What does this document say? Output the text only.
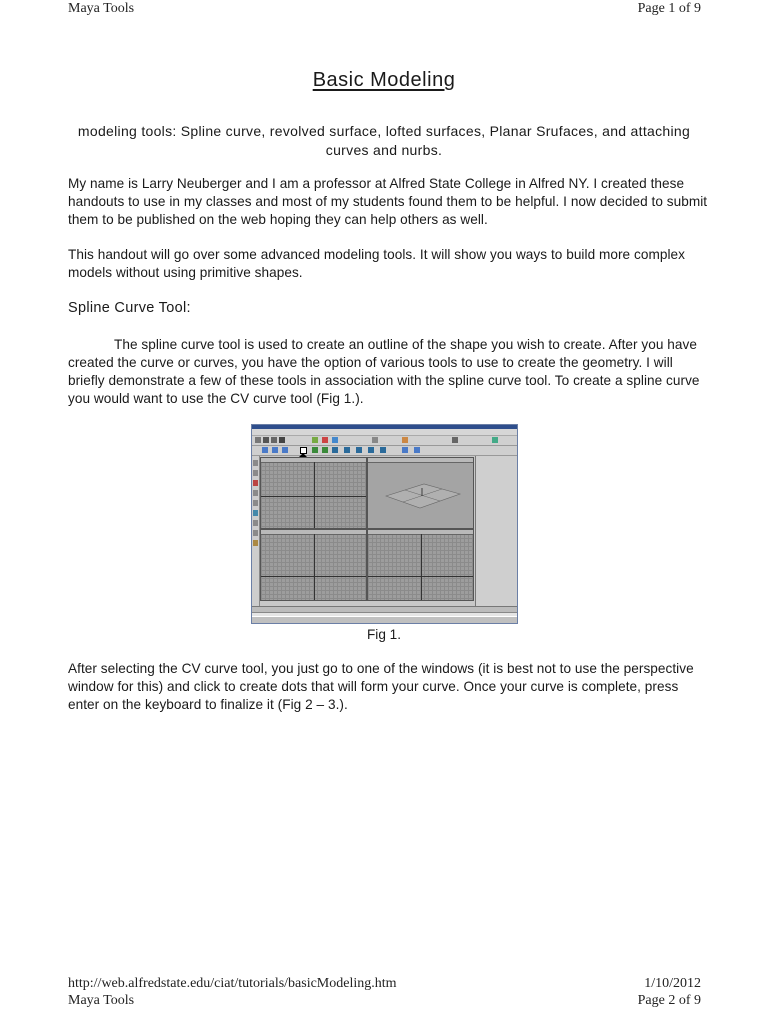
Maya Tools	Page 1 of 9
Basic Modeling
modeling tools: Spline curve, revolved surface, lofted surfaces, Planar Srufaces, and attaching curves and nurbs.
My name is Larry Neuberger and I am a professor at Alfred State College in Alfred NY. I created these handouts to use in my classes and most of my students found them to be helpful. I now decided to submit them to be published on the web hoping they can help others as well.
This handout will go over some advanced modeling tools. It will show you ways to build more complex models without using primitive shapes.
Spline Curve Tool:
The spline curve tool is used to create an outline of the shape you wish to create. After you have created the curve or curves, you have the option of various tools to use to create the geometry. I will briefly demonstrate a few of these tools in association with the spline curve tool. To create a spline curve you would want to use the CV curve tool (Fig 1.).
Fig 1.
After selecting the CV curve tool, you just go to one of the windows (it is best not to use the perspective window for this) and click to create dots that will form your curve. Once your curve is complete, press enter on the keyboard to finalize it (Fig 2 – 3.).
http://web.alfredstate.edu/ciat/tutorials/basicModeling.htm	1/10/2012
Maya Tools	Page 2 of 9
